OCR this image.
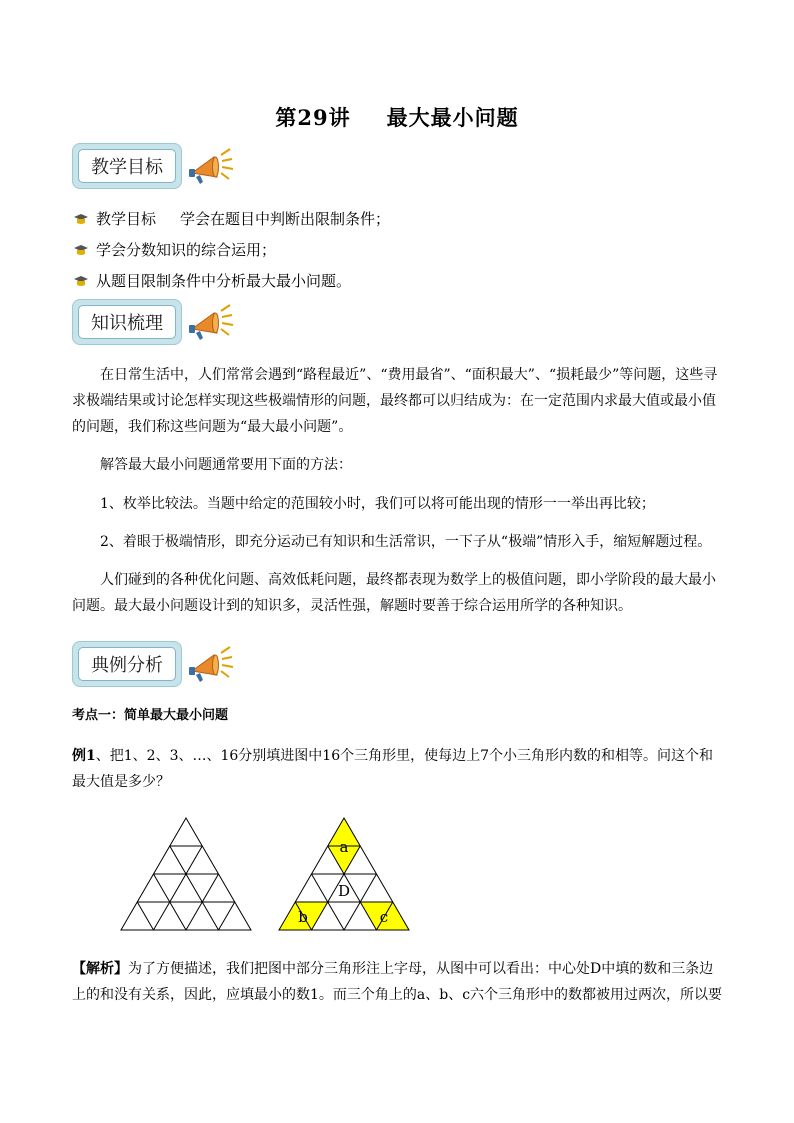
第29讲 最大最小问题
教学目标
教学目标 学会在题目中判断出限制条件；
学会分数知识的综合运用；
从题目限制条件中分析最大最小问题。
知识梳理

在日常生活中，人们常常会遇到“路程最近”、“费用最省”、“面积最大”、“损耗最少”等问题，这些寻求极端结果或讨论怎样实现这些极端情形的问题，最终都可以归结成为：在一定范围内求最大值或最小值的问题，我们称这些问题为“最大最小问题”。

解答最大最小问题通常要用下面的方法：

1、枚举比较法。当题中给定的范围较小时，我们可以将可能出现的情形一一举出再比较；

2、着眼于极端情形，即充分运动已有知识和生活常识，一下子从“极端”情形入手，缩短解题过程。

人们碰到的各种优化问题、高效低耗问题，最终都表现为数学上的极值问题，即小学阶段的最大最小问题。最大最小问题设计到的知识多，灵活性强，解题时要善于综合运用所学的各种知识。

典例分析
考点一：简单最大最小问题

例1、把1、2、3、…、16分别填进图中16个三角形里，使每边上7个小三角形内数的和相等。问这个和最大值是多少？

a
D
b	c

【解析】为了方便描述，我们把图中部分三角形注上字母，从图中可以看出：中心处D中填的数和三条边上的和没有关系，因此，应填最小的数1。而三个角上的a、b、c六个三角形中的数都被用过两次，所以要
